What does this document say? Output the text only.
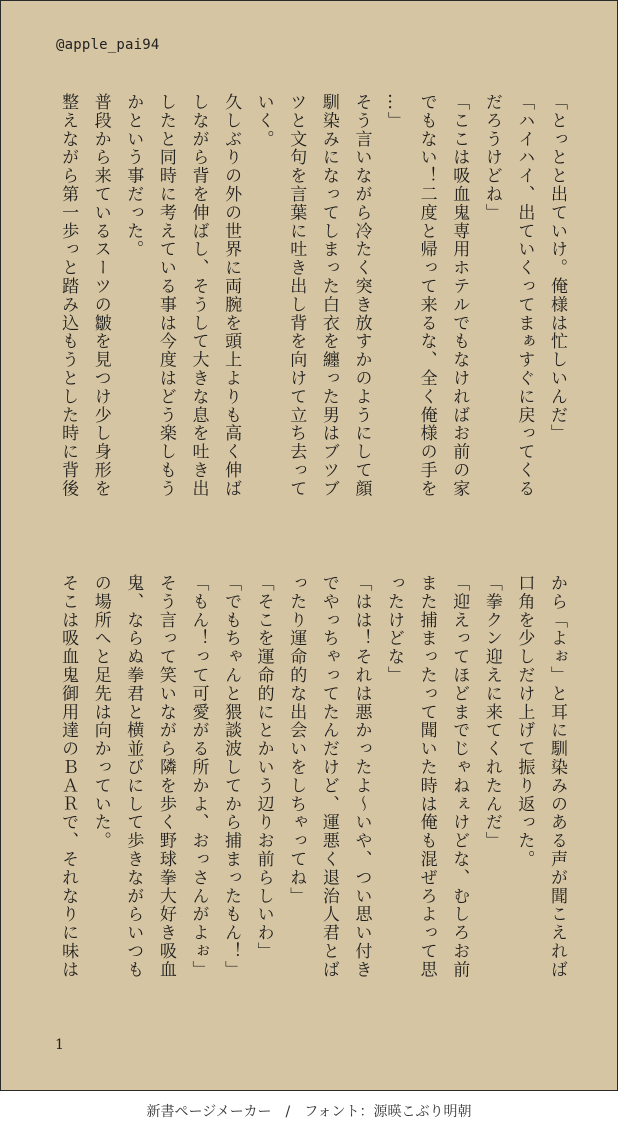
@apple_pai94
「とっとと出ていけ。俺様は忙しいんだ」
「ハイハイ、出ていくってまぁすぐに戻ってくる
だろうけどね」
「ここは吸血鬼専用ホテルでもなければお前の家
でもない！二度と帰って来るな、全く俺様の手を
…」
そう言いながら冷たく突き放すかのようにして顔
馴染みになってしまった白衣を纏った男はブツブ
ツと文句を言葉に吐き出し背を向けて立ち去って
いく。
久しぶりの外の世界に両腕を頭上よりも高く伸ば
しながら背を伸ばし、そうして大きな息を吐き出
したと同時に考えている事は今度はどう楽しもう
かという事だった。
普段から来ているスーツの皺を見つけ少し身形を
整えながら第一歩っと踏み込もうとした時に背後
から「よぉ」と耳に馴染みのある声が聞こえれば
口角を少しだけ上げて振り返った。
「拳クン迎えに来てくれたんだ」
「迎えってほどまでじゃねぇけどな、むしろお前
また捕まったって聞いた時は俺も混ぜろよって思
ったけどな」
「はは！それは悪かったよ～いや、つい思い付き
でやっちゃってたんだけど、運悪く退治人君とば
ったり運命的な出会いをしちゃってね」
「そこを運命的にとかいう辺りお前らしいわ」
「でもちゃんと猥談波してから捕まったもん！」
「もん！って可愛がる所かよ、おっさんがよぉ」
そう言って笑いながら隣を歩く野球拳大好き吸血
鬼、ならぬ拳君と横並びにして歩きながらいつも
の場所へと足先は向かっていた。
そこは吸血鬼御用達のＢＡＲで、それなりに味は
1
新書ページメーカー　/　フォント：源暎こぶり明朝
